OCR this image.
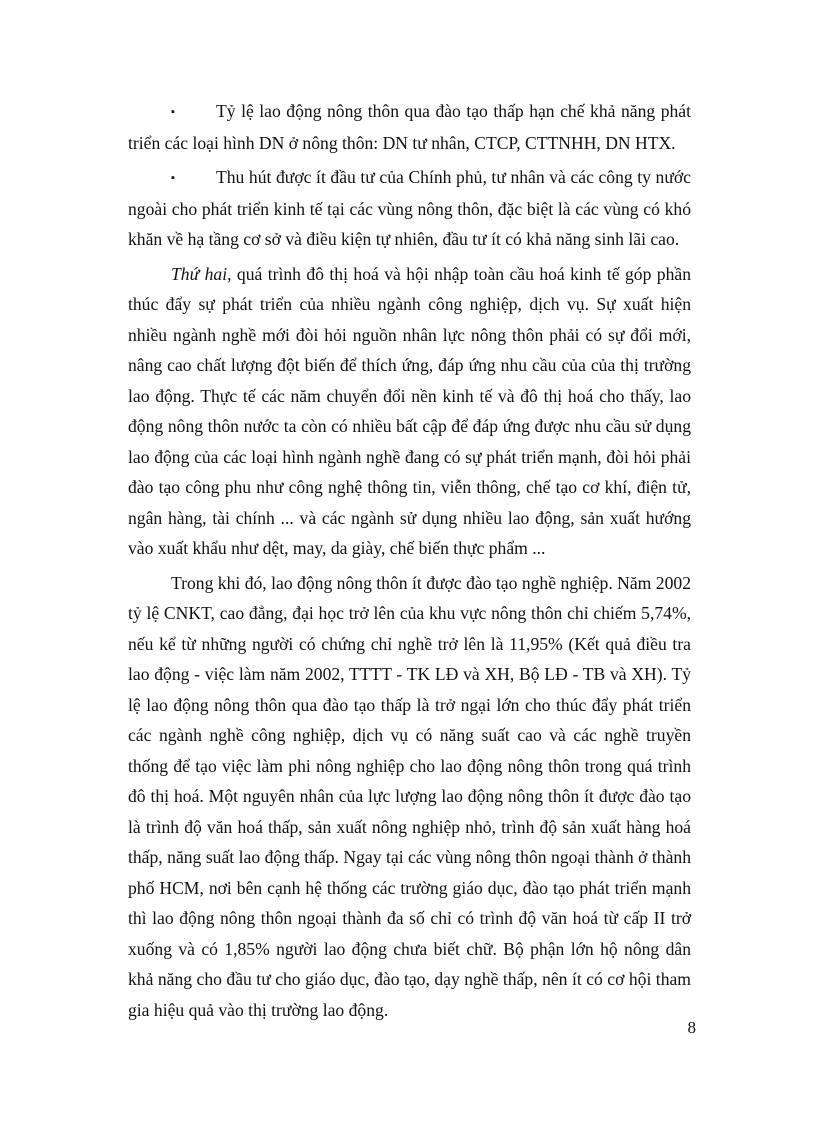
▪ Tỷ lệ lao động nông thôn qua đào tạo thấp hạn chế khả năng phát triển các loại hình DN ở nông thôn: DN tư nhân, CTCP, CTTNHH, DN HTX.

▪ Thu hút được ít đầu tư của Chính phủ, tư nhân và các công ty nước ngoài cho phát triển kinh tế tại các vùng nông thôn, đặc biệt là các vùng có khó khăn về hạ tầng cơ sở và điều kiện tự nhiên, đầu tư ít có khả năng sinh lãi cao.

Thứ hai, quá trình đô thị hoá và hội nhập toàn cầu hoá kinh tế góp phần thúc đẩy sự phát triển của nhiều ngành công nghiệp, dịch vụ. Sự xuất hiện nhiều ngành nghề mới đòi hỏi nguồn nhân lực nông thôn phải có sự đổi mới, nâng cao chất lượng đột biến để thích ứng, đáp ứng nhu cầu của của thị trường lao động. Thực tế các năm chuyển đổi nền kinh tế và đô thị hoá cho thấy, lao động nông thôn nước ta còn có nhiều bất cập để đáp ứng được nhu cầu sử dụng lao động của các loại hình ngành nghề đang có sự phát triển mạnh, đòi hỏi phải đào tạo công phu như công nghệ thông tin, viễn thông, chế tạo cơ khí, điện tử, ngân hàng, tài chính ... và các ngành sử dụng nhiều lao động, sản xuất hướng vào xuất khẩu như dệt, may, da giày, chế biến thực phẩm ...

Trong khi đó, lao động nông thôn ít được đào tạo nghề nghiệp. Năm 2002 tỷ lệ CNKT, cao đẳng, đại học trở lên của khu vực nông thôn chỉ chiếm 5,74%, nếu kể từ những người có chứng chỉ nghề trở lên là 11,95% (Kết quả điều tra lao động - việc làm năm 2002, TTTT - TK LĐ và XH, Bộ LĐ - TB và XH). Tỷ lệ lao động nông thôn qua đào tạo thấp là trở ngại lớn cho thúc đẩy phát triển các ngành nghề công nghiệp, dịch vụ có năng suất cao và các nghề truyền thống để tạo việc làm phi nông nghiệp cho lao động nông thôn trong quá trình đô thị hoá. Một nguyên nhân của lực lượng lao động nông thôn ít được đào tạo là trình độ văn hoá thấp, sản xuất nông nghiệp nhỏ, trình độ sản xuất hàng hoá thấp, năng suất lao động thấp. Ngay tại các vùng nông thôn ngoại thành ở thành phố HCM, nơi bên cạnh hệ thống các trường giáo dục, đào tạo phát triển mạnh thì lao động nông thôn ngoại thành đa số chỉ có trình độ văn hoá từ cấp II trở xuống và có 1,85% người lao động chưa biết chữ. Bộ phận lớn hộ nông dân khả năng cho đầu tư cho giáo dục, đào tạo, dạy nghề thấp, nên ít có cơ hội tham gia hiệu quả vào thị trường lao động.

8
